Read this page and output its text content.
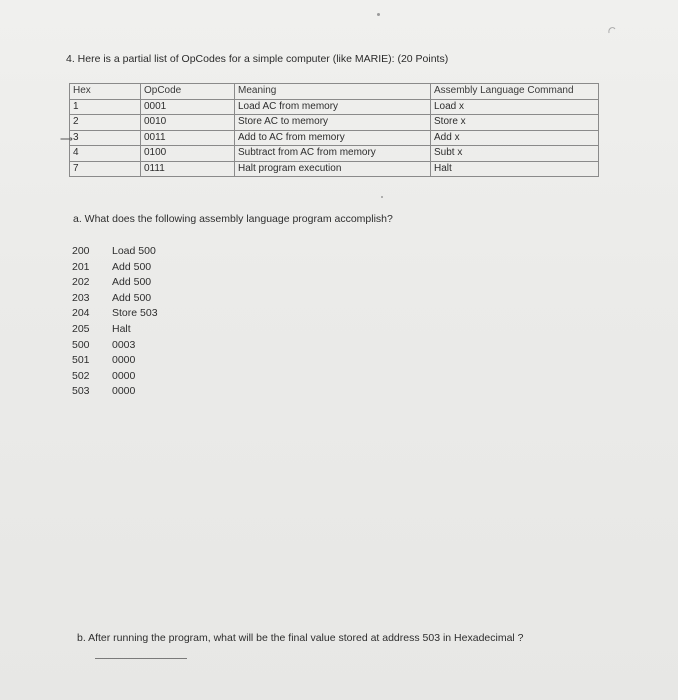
4. Here is a partial list of OpCodes for a simple computer (like MARIE): (20 Points)
Hex	OpCode	Meaning	Assembly Language Command
1	0001	Load AC from memory	Load x
2	0010	Store AC to memory	Store x
3	0011	Add to AC from memory	Add x
4	0100	Subtract from AC from memory	Subt x
7	0111	Halt program execution	Halt
⟶
a. What does the following assembly language program accomplish?
200	Load 500
201	Add 500
202	Add 500
203	Add 500
204	Store 503
205	Halt
500	0003
501	0000
502	0000
503	0000
b. After running the program, what will be the final value stored at address 503 in Hexadecimal ?
